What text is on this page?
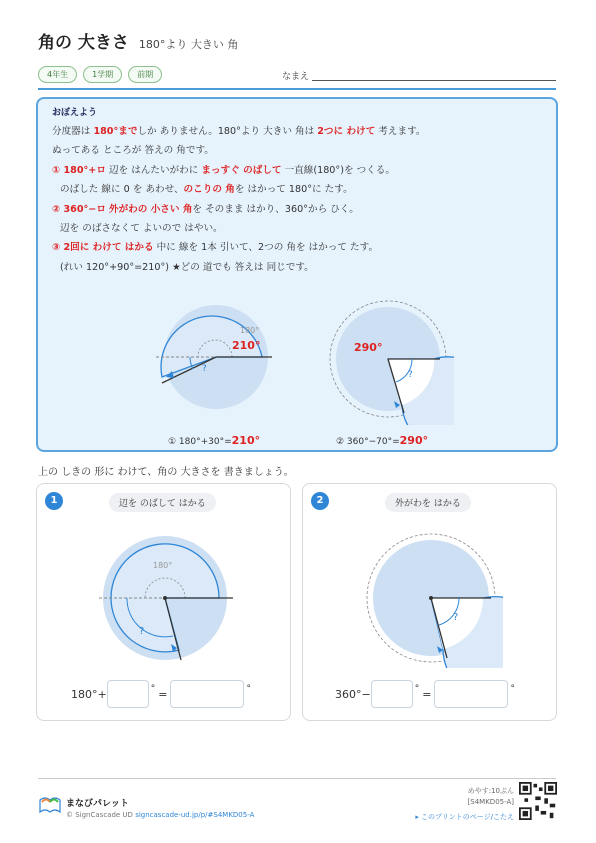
角の 大きさ 180°より 大きい 角
4年生	1学期	前期	なまえ
おぼえよう
分度器は 180°までしか ありません。180°より 大きい 角は 2つに わけて 考えます。
ぬってある ところが 答えの 角です。
① 180°+ロ 辺を はんたいがわに まっすぐ のばして 一直線(180°)を つくる。
のばした 線に 0 を あわせ、のこりの 角を はかって 180°に たす。
② 360°−ロ 外がわの 小さい 角を そのまま はかり、360°から ひく。
辺を のばさなくて よいので はやい。
③ 2回に わけて はかる 中に 線を 1本 引いて、2つの 角を はかって たす。
(れい 120°+90°=210°) ★どの 道でも 答えは 同じです。
180°
210°
?
290°
?
① 180°+30°=210°	② 360°−70°=290°
上の しきの 形に わけて、角の 大きさを 書きましょう。
1	辺を のばして はかる
180°
?
180°+	° =	°
2	外がわを はかる
?
360°−	° =	°
まなびパレット
© SignCascade UD signcascade-ud.jp/p/#S4MKD05-A
めやす:10ぷん
[S4MKD05-A]
▸ このプリントのページ/こたえ
